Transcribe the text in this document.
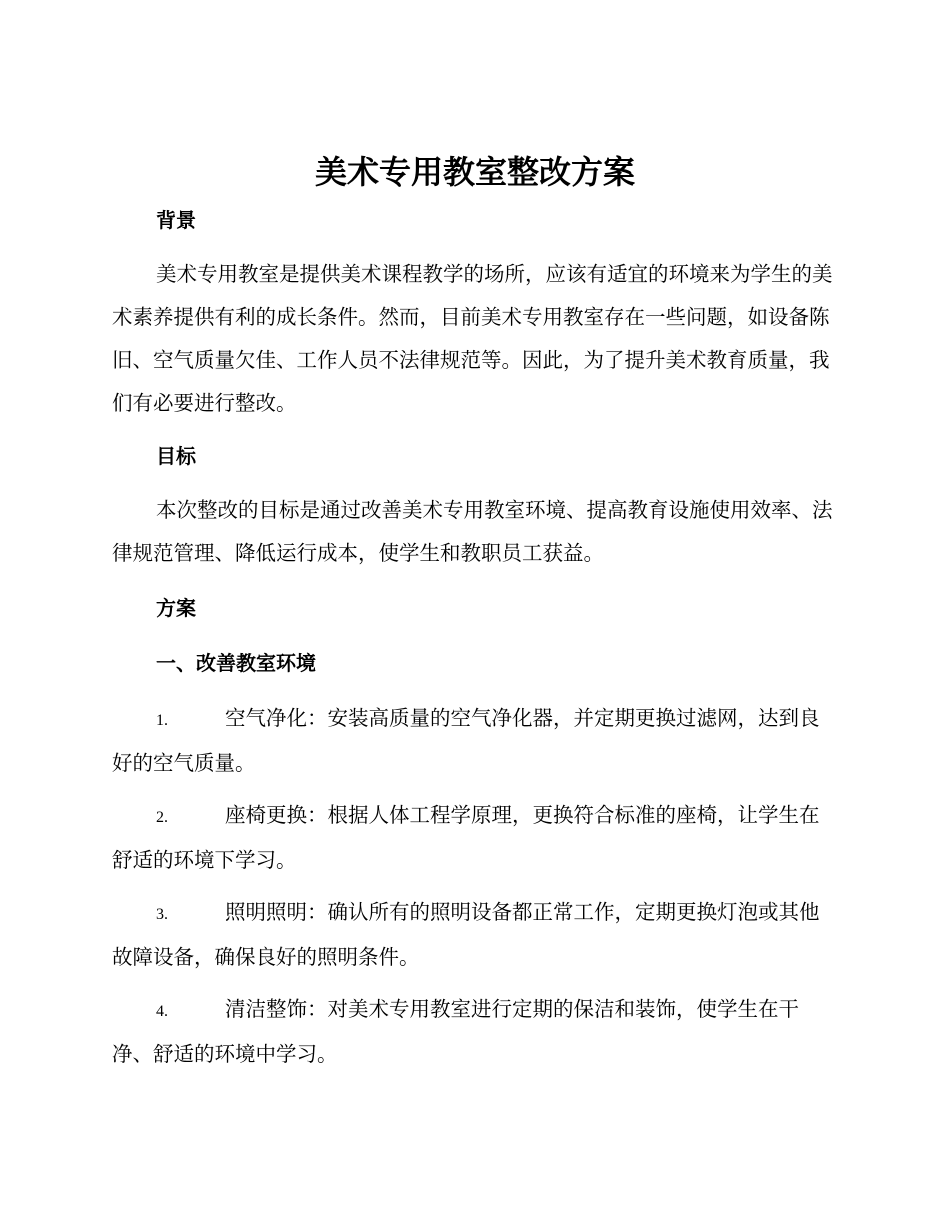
美术专用教室整改方案
背景
美术专用教室是提供美术课程教学的场所，应该有适宜的环境来为学生的美术素养提供有利的成长条件。然而，目前美术专用教室存在一些问题，如设备陈旧、空气质量欠佳、工作人员不法律规范等。因此，为了提升美术教育质量，我们有必要进行整改。
目标
本次整改的目标是通过改善美术专用教室环境、提高教育设施使用效率、法律规范管理、降低运行成本，使学生和教职员工获益。
方案
一、改善教室环境
1.	空气净化：安装高质量的空气净化器，并定期更换过滤网，达到良好的空气质量。
2.	座椅更换：根据人体工程学原理，更换符合标准的座椅，让学生在舒适的环境下学习。
3.	照明照明：确认所有的照明设备都正常工作，定期更换灯泡或其他故障设备，确保良好的照明条件。
4.	清洁整饰：对美术专用教室进行定期的保洁和装饰，使学生在干净、舒适的环境中学习。
